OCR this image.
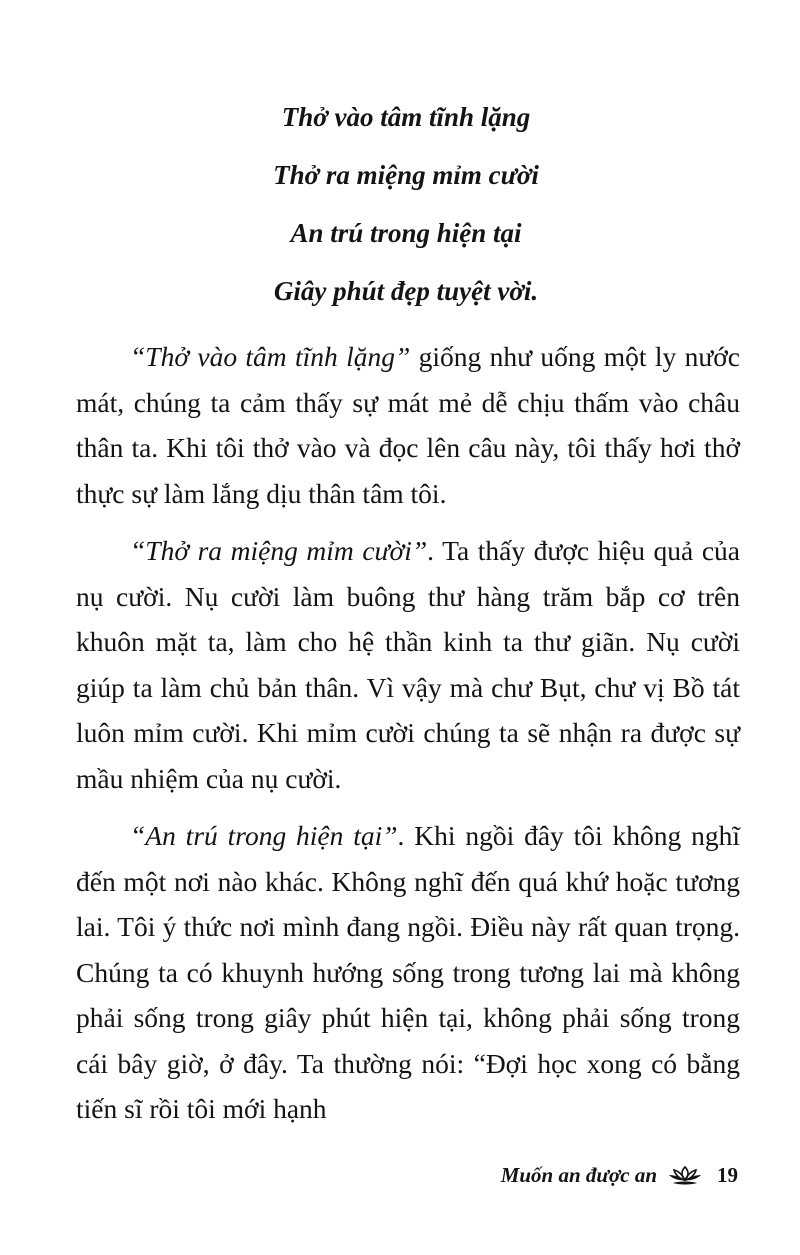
Thở vào tâm tĩnh lặng
Thở ra miệng mỉm cười
An trú trong hiện tại
Giây phút đẹp tuyệt vời.

“Thở vào tâm tĩnh lặng” giống như uống một ly nước mát, chúng ta cảm thấy sự mát mẻ dễ chịu thấm vào châu thân ta. Khi tôi thở vào và đọc lên câu này, tôi thấy hơi thở thực sự làm lắng dịu thân tâm tôi.

“Thở ra miệng mỉm cười”. Ta thấy được hiệu quả của nụ cười. Nụ cười làm buông thư hàng trăm bắp cơ trên khuôn mặt ta, làm cho hệ thần kinh ta thư giãn. Nụ cười giúp ta làm chủ bản thân. Vì vậy mà chư Bụt, chư vị Bồ tát luôn mỉm cười. Khi mỉm cười chúng ta sẽ nhận ra được sự mầu nhiệm của nụ cười.

“An trú trong hiện tại”. Khi ngồi đây tôi không nghĩ đến một nơi nào khác. Không nghĩ đến quá khứ hoặc tương lai. Tôi ý thức nơi mình đang ngồi. Điều này rất quan trọng. Chúng ta có khuynh hướng sống trong tương lai mà không phải sống trong giây phút hiện tại, không phải sống trong cái bây giờ, ở đây. Ta thường nói: “Đợi học xong có bằng tiến sĩ rồi tôi mới hạnh

Muốn an được an	19
